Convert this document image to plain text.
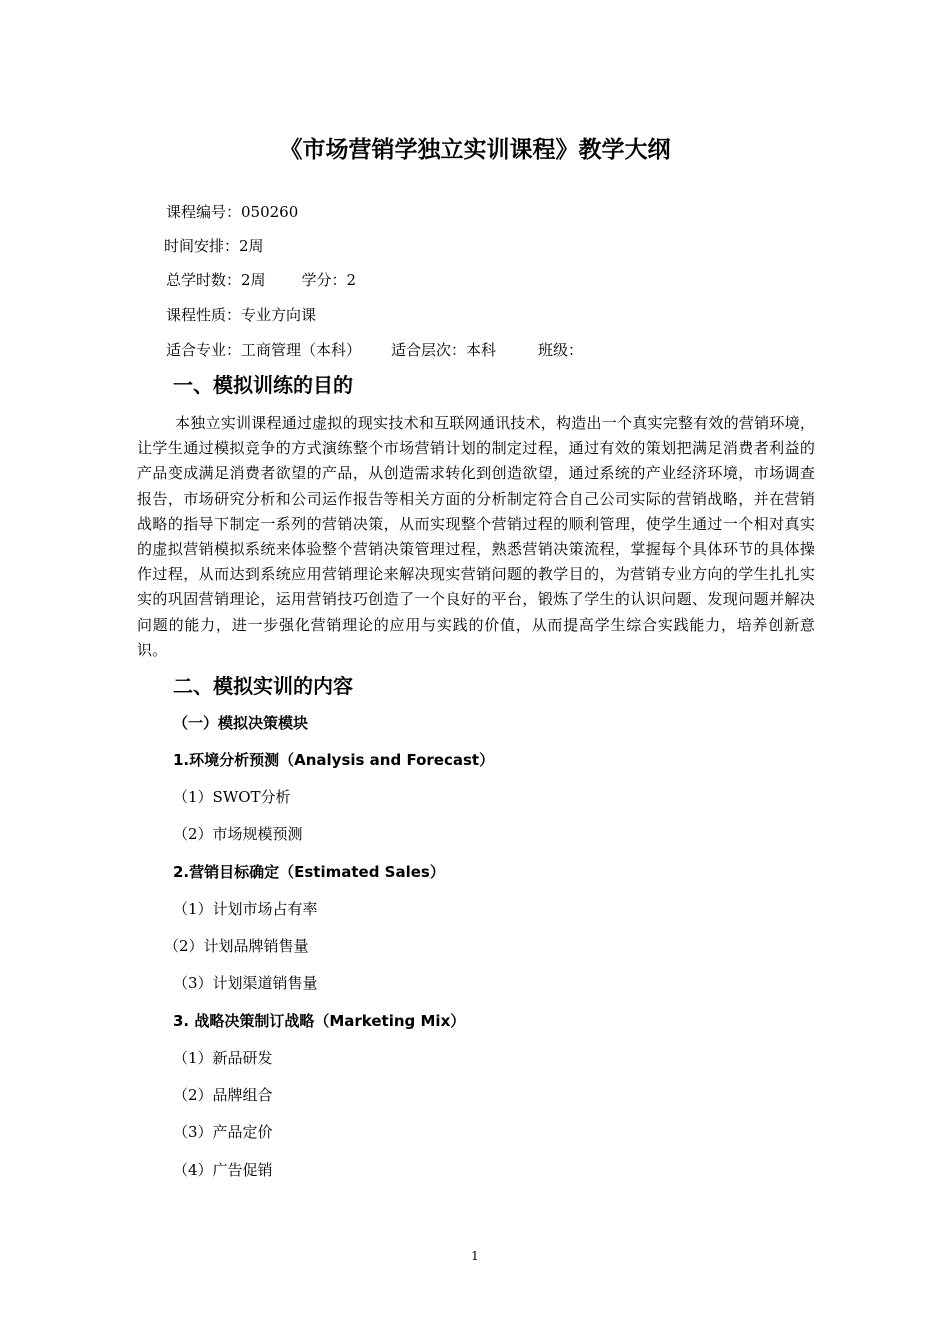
《市场营销学独立实训课程》教学大纲
课程编号：050260
时间安排：2周
总学时数：2周 学分：2
课程性质：专业方向课
适合专业：工商管理（本科） 适合层次：本科	班级：
一、模拟训练的目的
本独立实训课程通过虚拟的现实技术和互联网通讯技术，构造出一个真实完整有效的营销环境，让学生通过模拟竞争的方式演练整个市场营销计划的制定过程，通过有效的策划把满足消费者利益的产品变成满足消费者欲望的产品，从创造需求转化到创造欲望，通过系统的产业经济环境，市场调查报告，市场研究分析和公司运作报告等相关方面的分析制定符合自己公司实际的营销战略，并在营销战略的指导下制定一系列的营销决策，从而实现整个营销过程的顺利管理，使学生通过一个相对真实的虚拟营销模拟系统来体验整个营销决策管理过程，熟悉营销决策流程，掌握每个具体环节的具体操作过程，从而达到系统应用营销理论来解决现实营销问题的教学目的，为营销专业方向的学生扎扎实实的巩固营销理论，运用营销技巧创造了一个良好的平台，锻炼了学生的认识问题、发现问题并解决问题的能力，进一步强化营销理论的应用与实践的价值，从而提高学生综合实践能力，培养创新意识。
二、模拟实训的内容
（一）模拟决策模块
1.环境分析预测（Analysis and Forecast）
（1）SWOT分析
（2）市场规模预测
2.营销目标确定（Estimated Sales）
（1）计划市场占有率
（2）计划品牌销售量
（3）计划渠道销售量
3. 战略决策制订战略（Marketing Mix）
（1）新品研发
（2）品牌组合
（3）产品定价
（4）广告促销
1
